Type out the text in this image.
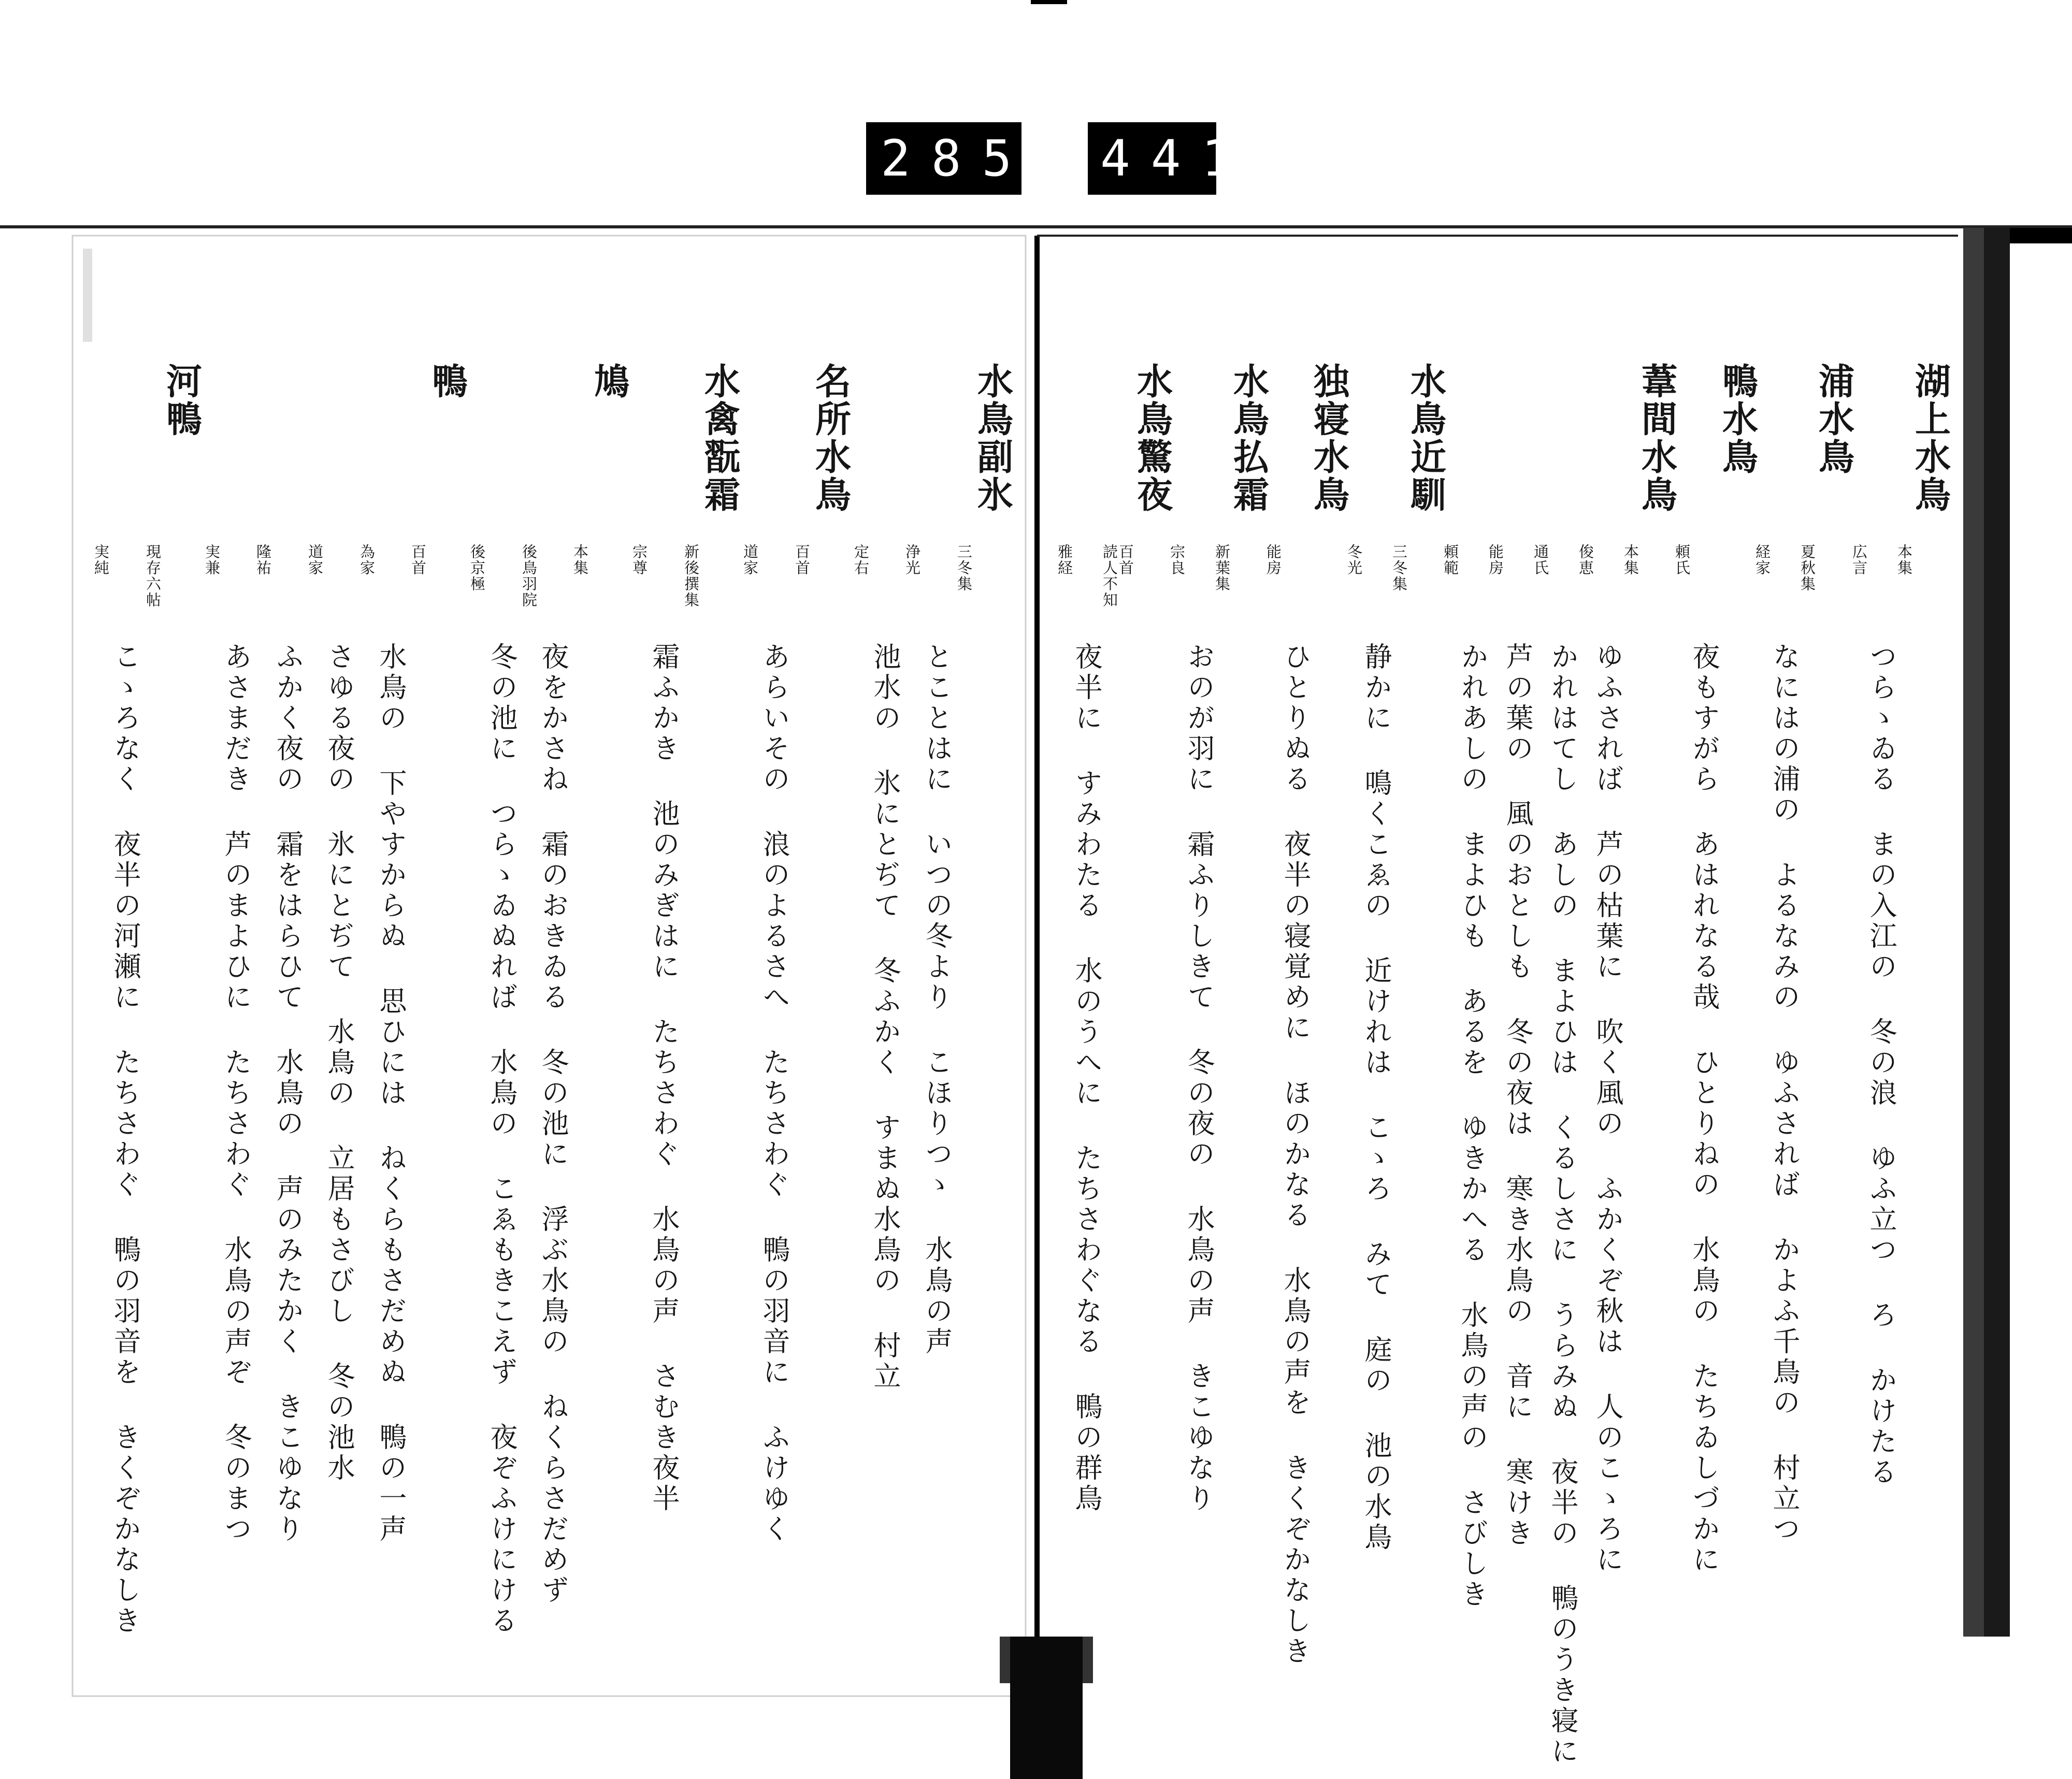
285 441

湖上水鳥

本集

つらゝゐる まの入江の 冬の浪 ゆふ立つ ろ かけたる

広言

浦水鳥

夏秋集

なにはの浦の よるなみの ゆふされば かよふ千鳥の 村立つ

経家

鴨水鳥

夜もすがら あはれなる哉 ひとりねの 水鳥の たちゐしづかに

頼氏

葦間水鳥

本集

ゆふされば 芦の枯葉に 吹く風の ふかくぞ秋は 人のこゝろに

俊恵

かれはてし あしの まよひは くるしさに うらみぬ 夜半の 鴨のうき寝に

通氏

芦の葉の 風のおとしも 冬の夜は 寒き水鳥の 音に 寒けき

能房

かれあしの まよひも あるを ゆきかへる 水鳥の声の さびしき

頼範

水鳥近馴

三冬集

静かに 鳴くこゑの 近けれは こゝろ みて 庭の 池の水鳥

冬光

独寝水鳥

ひとりぬる 夜半の寝覚めに ほのかなる 水鳥の声を きくぞかなしき

能房

水鳥払霜

新葉集

おのが羽に 霜ふりしきて 冬の夜の 水鳥の声 きこゆなり

宗良

水鳥驚夜

百首

読人不知

夜半に すみわたる 水のうへに たちさわぐなる 鴨の群鳥

雅経

水鳥副氷

三冬集

とことはに いつの冬より こほりつゝ 水鳥の声

浄光

池水の 氷にとぢて 冬ふかく すまぬ水鳥の 村立

定右

名所水鳥

百首

あらいその 浪のよるさへ たちさわぐ 鴨の羽音に ふけゆく

道家

水禽翫霜

新後撰集

霜ふかき 池のみぎはに たちさわぐ 水鳥の声 さむき夜半

宗尊

鳩

本集

夜をかさね 霜のおきゐる 冬の池に 浮ぶ水鳥の ねくらさだめず

後鳥羽院

冬の池に つらゝゐぬれば 水鳥の こゑもきこえず 夜ぞふけにける

後京極

鴨

百首

水鳥の 下やすからぬ 思ひには ねくらもさだめぬ 鴨の一声

為家

さゆる夜の 氷にとぢて 水鳥の 立居もさびし 冬の池水

道家

ふかく夜の 霜をはらひて 水鳥の 声のみたかく きこゆなり

隆祐

あさまだき 芦のまよひに たちさわぐ 水鳥の声ぞ 冬のまつ

実兼

河鴨

現存六帖

こゝろなく 夜半の河瀬に たちさわぐ 鴨の羽音を きくぞかなしき

実純
